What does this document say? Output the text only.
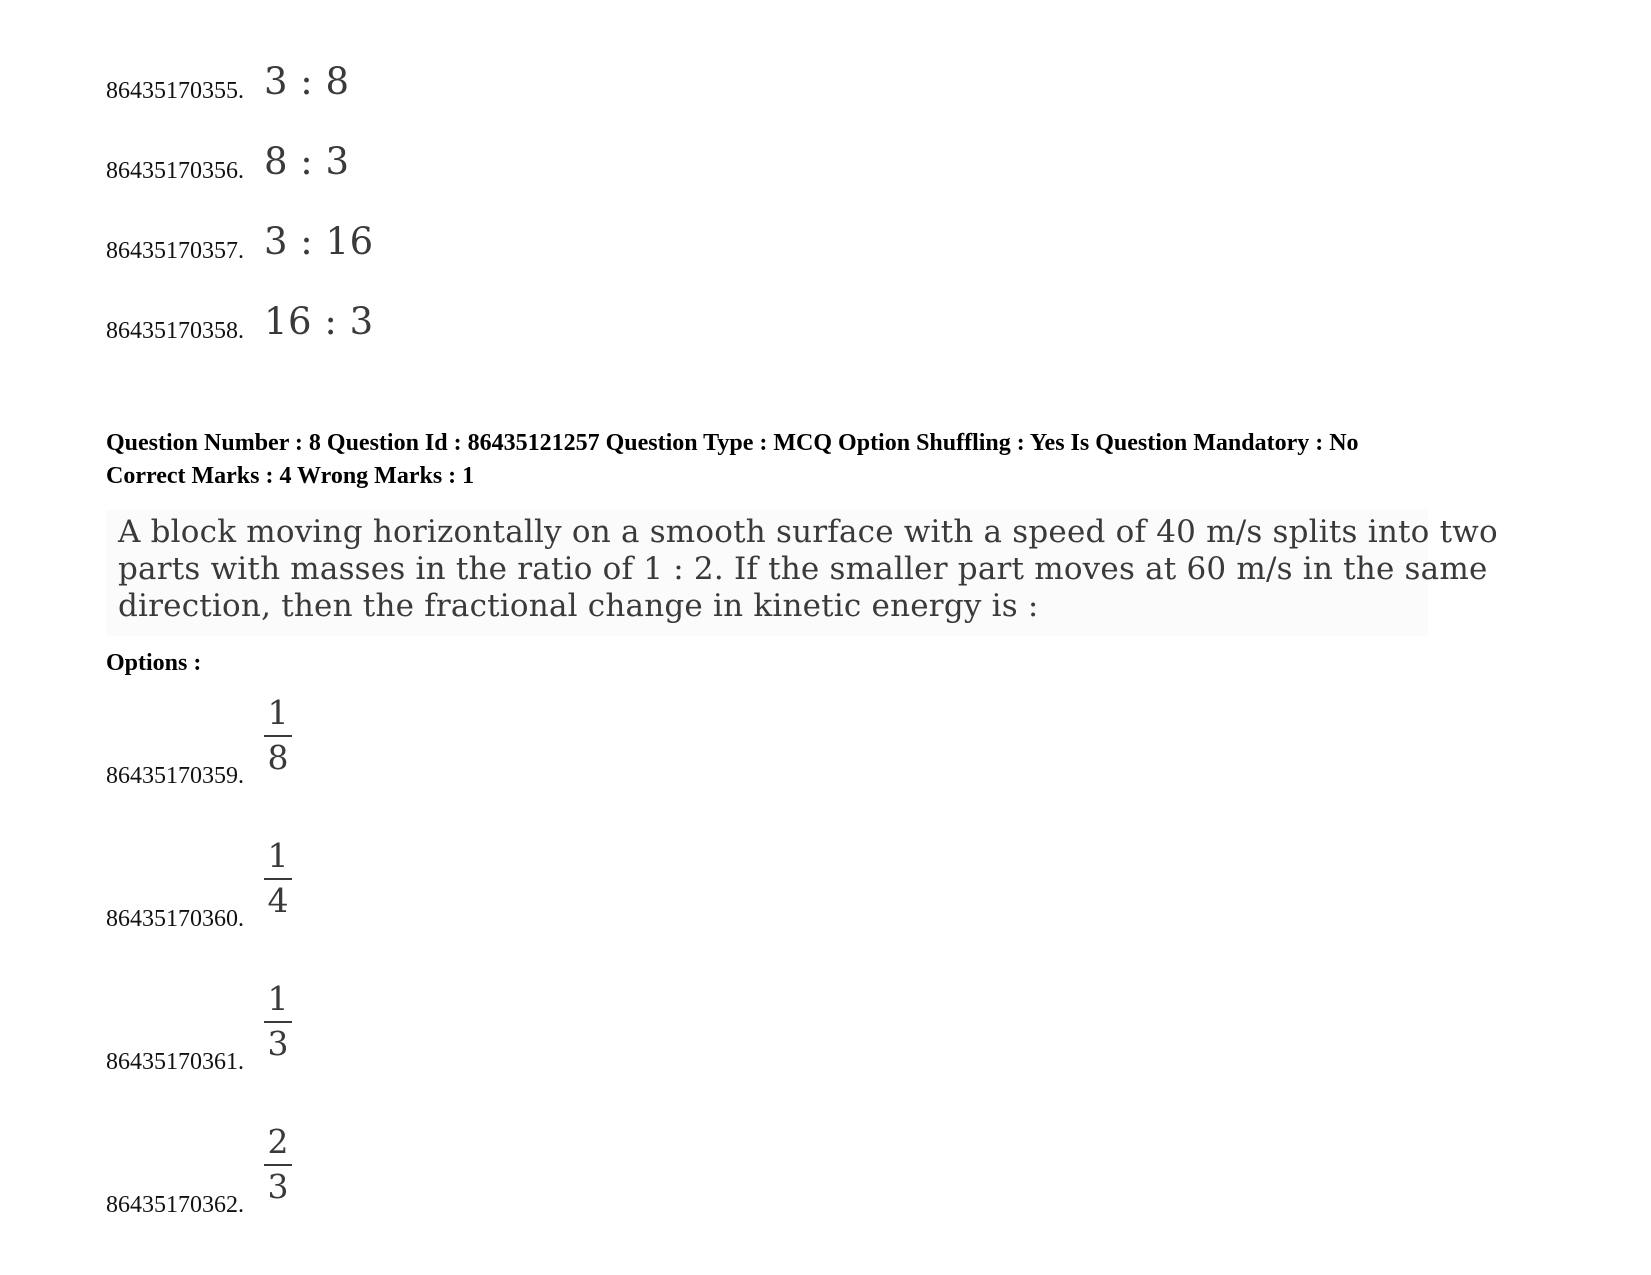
86435170355. 3 : 8
86435170356. 8 : 3
86435170357. 3 : 16
86435170358. 16 : 3
Question Number : 8 Question Id : 86435121257 Question Type : MCQ Option Shuffling : Yes Is Question Mandatory : No
Correct Marks : 4 Wrong Marks : 1
A block moving horizontally on a smooth surface with a speed of 40 m/s splits into two
parts with masses in the ratio of 1 : 2. If the smaller part moves at 60 m/s in the same
direction, then the fractional change in kinetic energy is :
Options :
86435170359.
1
8
86435170360.
1
4
86435170361.
1
3
86435170362.
2
3
